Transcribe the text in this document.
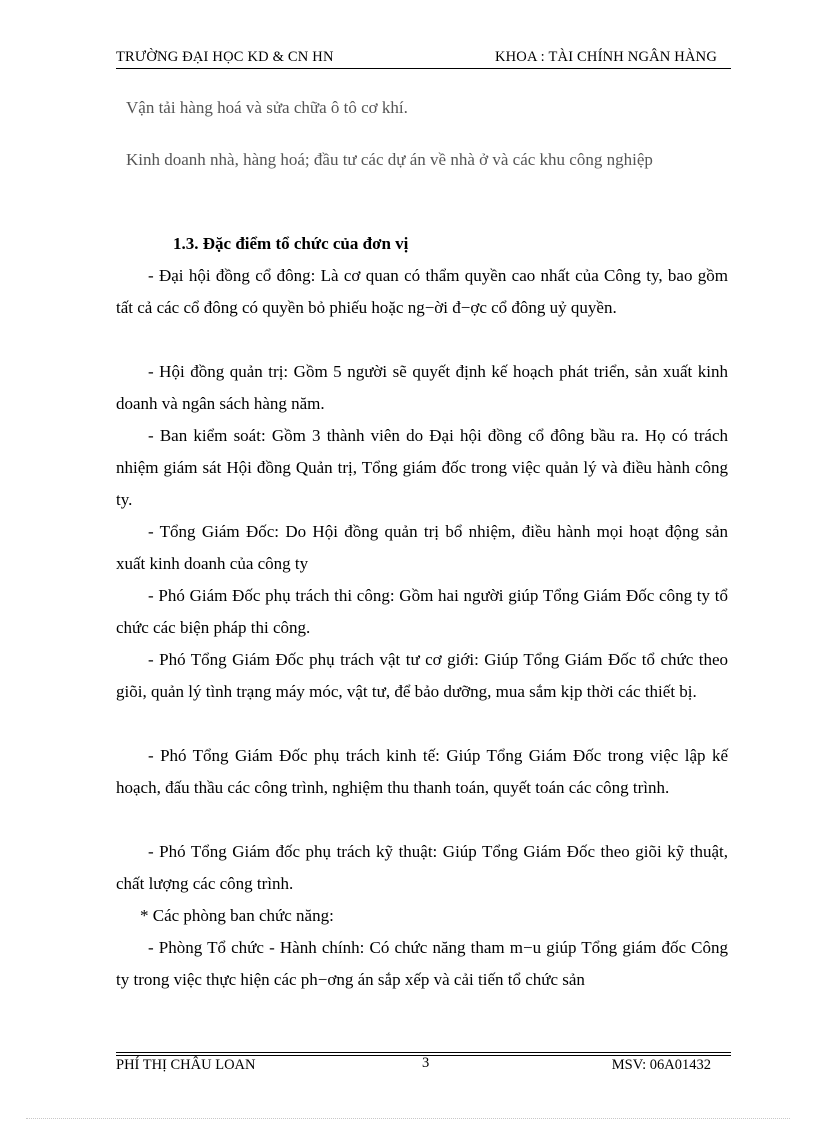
TRƯỜNG ĐẠI HỌC KD & CN HN	KHOA : TÀI CHÍNH NGÂN HÀNG
Vận tải hàng hoá và sửa chữa ô tô cơ khí.
Kinh doanh nhà, hàng hoá; đầu tư các dự án về nhà ở và các khu công nghiệp
1.3. Đặc điểm tổ chức của đơn vị
- Đại hội đồng cổ đông: Là cơ quan có thẩm quyền cao nhất của Công ty, bao gồm tất cả các cổ đông có quyền bỏ phiếu hoặc ng−ời đ−ợc cổ đông uỷ quyền.
- Hội đồng quản trị: Gồm 5 người sẽ quyết định kế hoạch phát triển, sản xuất kinh doanh và ngân sách hàng năm.
- Ban kiểm soát: Gồm 3 thành viên do Đại hội đồng cổ đông bầu ra. Họ có trách nhiệm giám sát Hội đồng Quản trị, Tổng giám đốc trong việc quản lý và điều hành công ty.
- Tổng Giám Đốc: Do Hội đồng quản trị bổ nhiệm, điều hành mọi hoạt động sản xuất kinh doanh của công ty
- Phó Giám Đốc phụ trách thi công: Gồm hai người giúp Tổng Giám Đốc công ty tổ chức các biện pháp thi công.
- Phó Tổng Giám Đốc phụ trách vật tư cơ giới: Giúp Tổng Giám Đốc tổ chức theo giõi, quản lý tình trạng máy móc, vật tư, để bảo dưỡng, mua sắm kịp thời các thiết bị.
- Phó Tổng Giám Đốc phụ trách kinh tế: Giúp Tổng Giám Đốc trong việc lập kế hoạch, đấu thầu các công trình, nghiệm thu thanh toán, quyết toán các công trình.
- Phó Tổng Giám đốc phụ trách kỹ thuật: Giúp Tổng Giám Đốc theo giõi kỹ thuật, chất lượng các công trình.
* Các phòng ban chức năng:
- Phòng Tổ chức - Hành chính: Có chức năng tham m−u giúp Tổng giám đốc Công ty trong việc thực hiện các ph−ơng án sắp xếp và cải tiến tổ chức sản
PHÍ THỊ CHÂU LOAN	3	MSV: 06A01432
